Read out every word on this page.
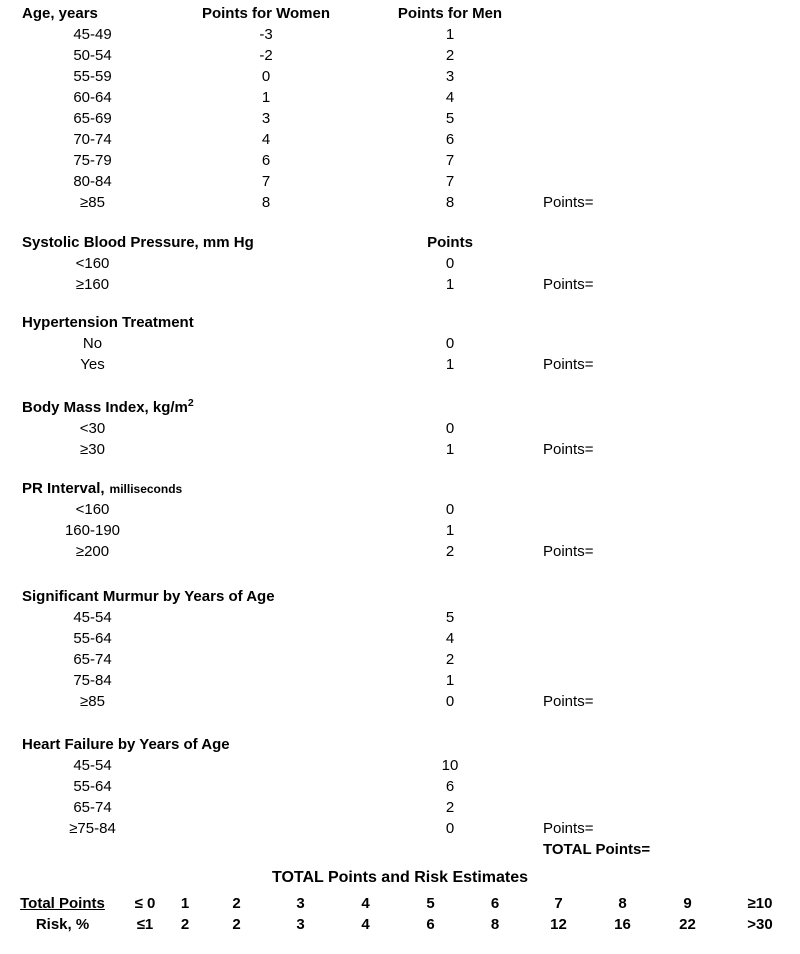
Age, years	Points for Women	Points for Men
45-49	-3	1
50-54	-2	2
55-59	0	3
60-64	1	4
65-69	3	5
70-74	4	6
75-79	6	7
80-84	7	7
≥85	8	8	Points=
Systolic Blood Pressure, mm Hg	Points
<160	0
≥160	1	Points=
Hypertension Treatment
No	0
Yes	1	Points=
Body Mass Index, $kg/m^2$
<30	0
≥30	1	Points=
PR Interval, milliseconds
<160	0
160-190	1
≥200	2	Points=
Significant Murmur by Years of Age
45-54	5
55-64	4
65-74	2
75-84	1
≥85	0	Points=
Heart Failure by Years of Age
45-54	10
55-64	6
65-74	2
≥75-84	0	Points=
TOTAL Points=
TOTAL Points and Risk Estimates
Total Points	≤ 0	1	2	3	4	5	6	7	8	9	≥10
Risk, %	≤1	2	2	3	4	6	8	12	16	22	>30
